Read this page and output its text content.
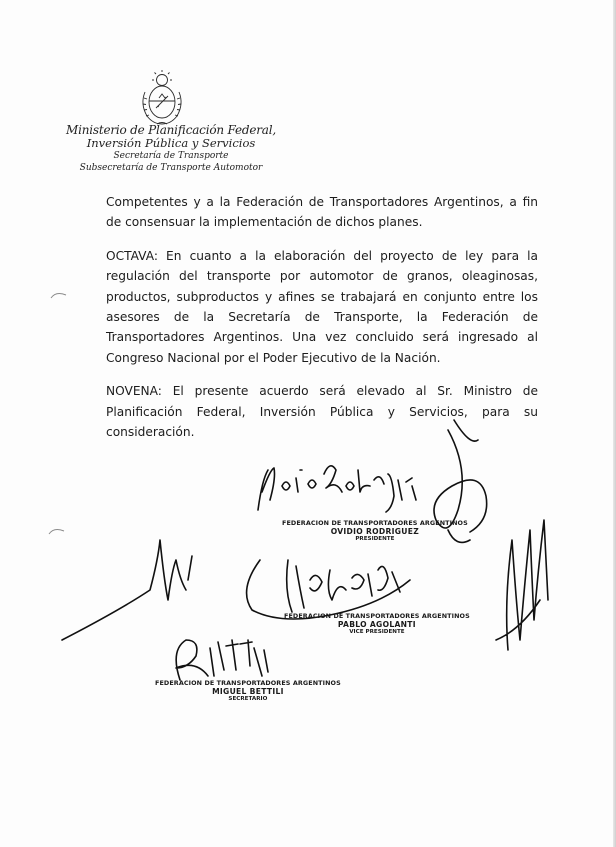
Ministerio de Planificación Federal,
Inversión Pública y Servicios
Secretaría de Transporte
Subsecretaría de Transporte Automotor

Competentes y a la Federación de Transportadores Argentinos, a fin de consensuar la implementación de dichos planes.

OCTAVA: En cuanto a la elaboración del proyecto de ley para la regulación del transporte por automotor de granos, oleaginosas, productos, subproductos y afines se trabajará en conjunto entre los asesores de la Secretaría de Transporte, la Federación de Transportadores Argentinos. Una vez concluido será ingresado al Congreso Nacional por el Poder Ejecutivo de la Nación.

NOVENA: El presente acuerdo será elevado al Sr. Ministro de Planificación Federal, Inversión Pública y Servicios, para su consideración.

FEDERACION DE TRANSPORTADORES ARGENTINOS
OVIDIO RODRIGUEZ
PRESIDENTE
FEDERACION DE TRANSPORTADORES ARGENTINOS
PABLO AGOLANTI
VICE PRESIDENTE
FEDERACION DE TRANSPORTADORES ARGENTINOS
MIGUEL BETTILI
SECRETARIO
